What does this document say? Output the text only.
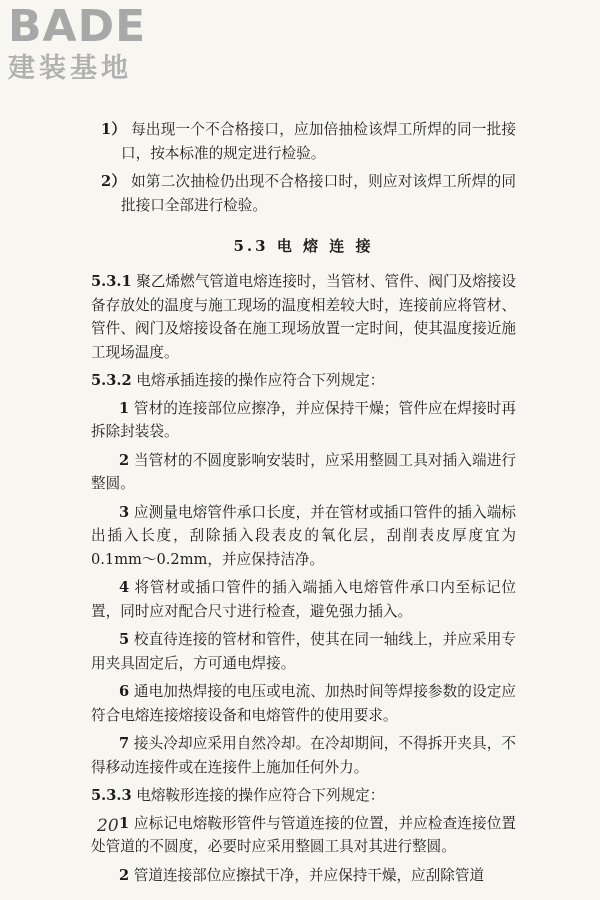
BADE
建装基地

1） 每出现一个不合格接口，应加倍抽检该焊工所焊的同一批接口，按本标准的规定进行检验。

2） 如第二次抽检仍出现不合格接口时，则应对该焊工所焊的同批接口全部进行检验。

5.3 电 熔 连 接

5.3.1 聚乙烯燃气管道电熔连接时，当管材、管件、阀门及熔接设备存放处的温度与施工现场的温度相差较大时，连接前应将管材、管件、阀门及熔接设备在施工现场放置一定时间，使其温度接近施工现场温度。

5.3.2 电熔承插连接的操作应符合下列规定：

1 管材的连接部位应擦净，并应保持干燥；管件应在焊接时再拆除封装袋。

2 当管材的不圆度影响安装时，应采用整圆工具对插入端进行整圆。

3 应测量电熔管件承口长度，并在管材或插口管件的插入端标出插入长度，刮除插入段表皮的氧化层，刮削表皮厚度宜为0.1mm～0.2mm，并应保持洁净。

4 将管材或插口管件的插入端插入电熔管件承口内至标记位置，同时应对配合尺寸进行检查，避免强力插入。

5 校直待连接的管材和管件，使其在同一轴线上，并应采用专用夹具固定后，方可通电焊接。

6 通电加热焊接的电压或电流、加热时间等焊接参数的设定应符合电熔连接熔接设备和电熔管件的使用要求。

7 接头冷却应采用自然冷却。在冷却期间，不得拆开夹具，不得移动连接件或在连接件上施加任何外力。

5.3.3 电熔鞍形连接的操作应符合下列规定：

1 应标记电熔鞍形管件与管道连接的位置，并应检查连接位置处管道的不圆度，必要时应采用整圆工具对其进行整圆。

2 管道连接部位应擦拭干净，并应保持干燥，应刮除管道

20
